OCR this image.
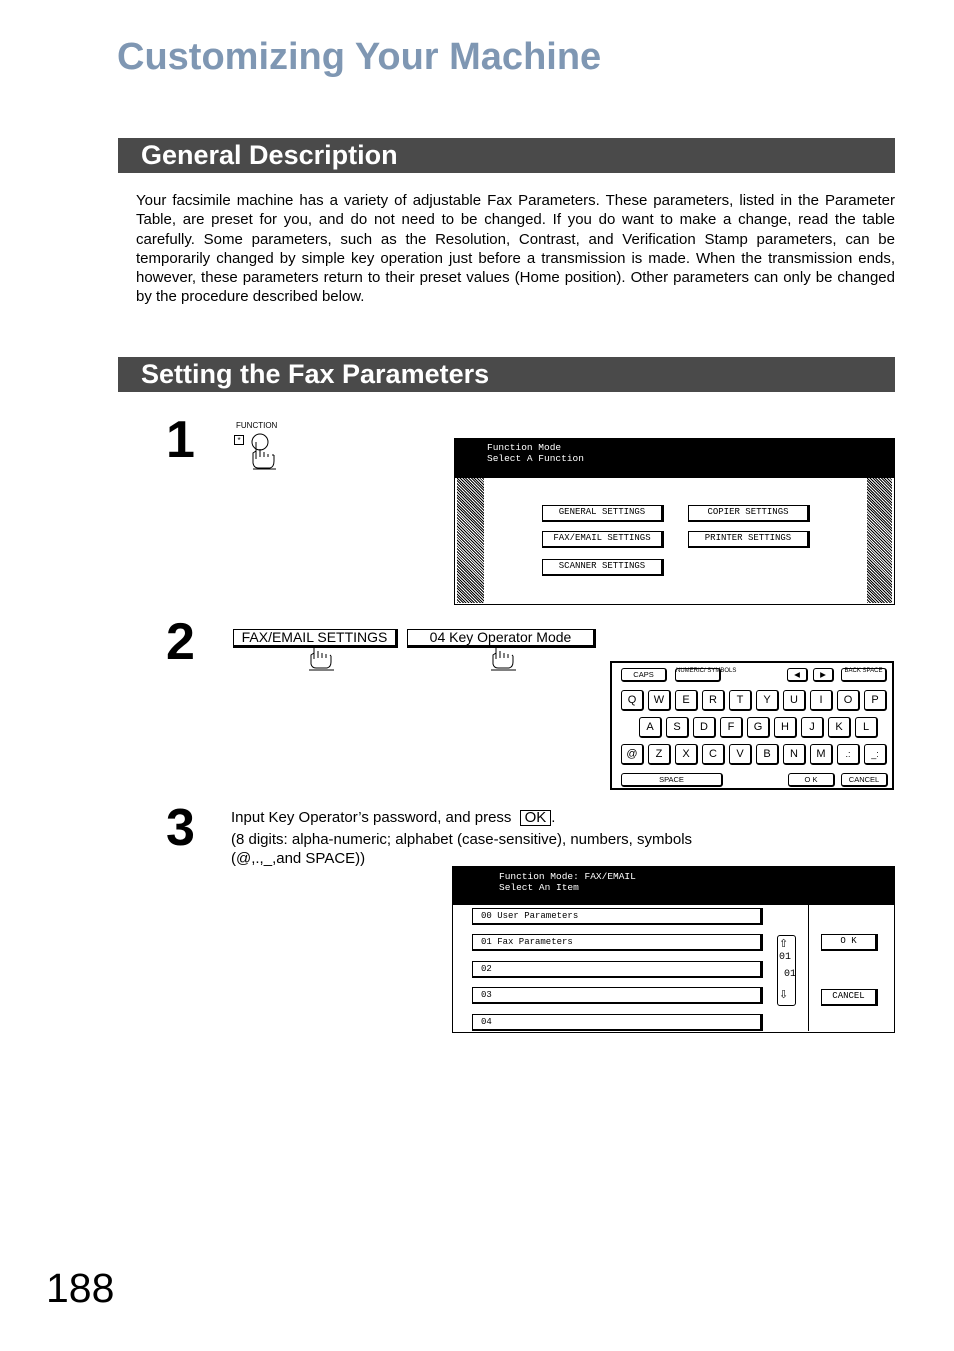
Customizing Your Machine
General Description
Your facsimile machine has a variety of adjustable Fax Parameters. These parameters, listed in the Parameter Table, are preset for you, and do not need to be changed. If you do want to make a change, read the table carefully. Some parameters, such as the Resolution, Contrast, and Verification Stamp parameters, can be temporarily changed by simple key operation just before a transmission is made. When the transmission ends, however, these parameters return to their preset values (Home position). Other parameters can only be changed by the procedure described below.
Setting the Fax Parameters
1	FUNCTION
*
Function Mode
Select A Function
GENERAL SETTINGS	COPIER SETTINGS
FAX/EMAIL SETTINGS	PRINTER SETTINGS
SCANNER SETTINGS
2	FAX/EMAIL SETTINGS	04 Key Operator Mode
CAPS	NUMERIC/ SYMBOLS	◀	▶	BACK SPACE
Q	W	E	R	T	Y	U	I	O	P
A	S	D	F	G	H	J	K	L
@	Z	X	C	V	B	N	M	.:	_:
SPACE	O K	CANCEL
3 Input Key Operator’s password, and press OK .
(8 digits: alpha-numeric; alphabet (case-sensitive), numbers, symbols
(@,.,_,and SPACE))
Function Mode: FAX/EMAIL
Select An Item
00 User Parameters
01 Fax Parameters
02
03
04
⇧
01
01
⇩
O K
CANCEL
188
